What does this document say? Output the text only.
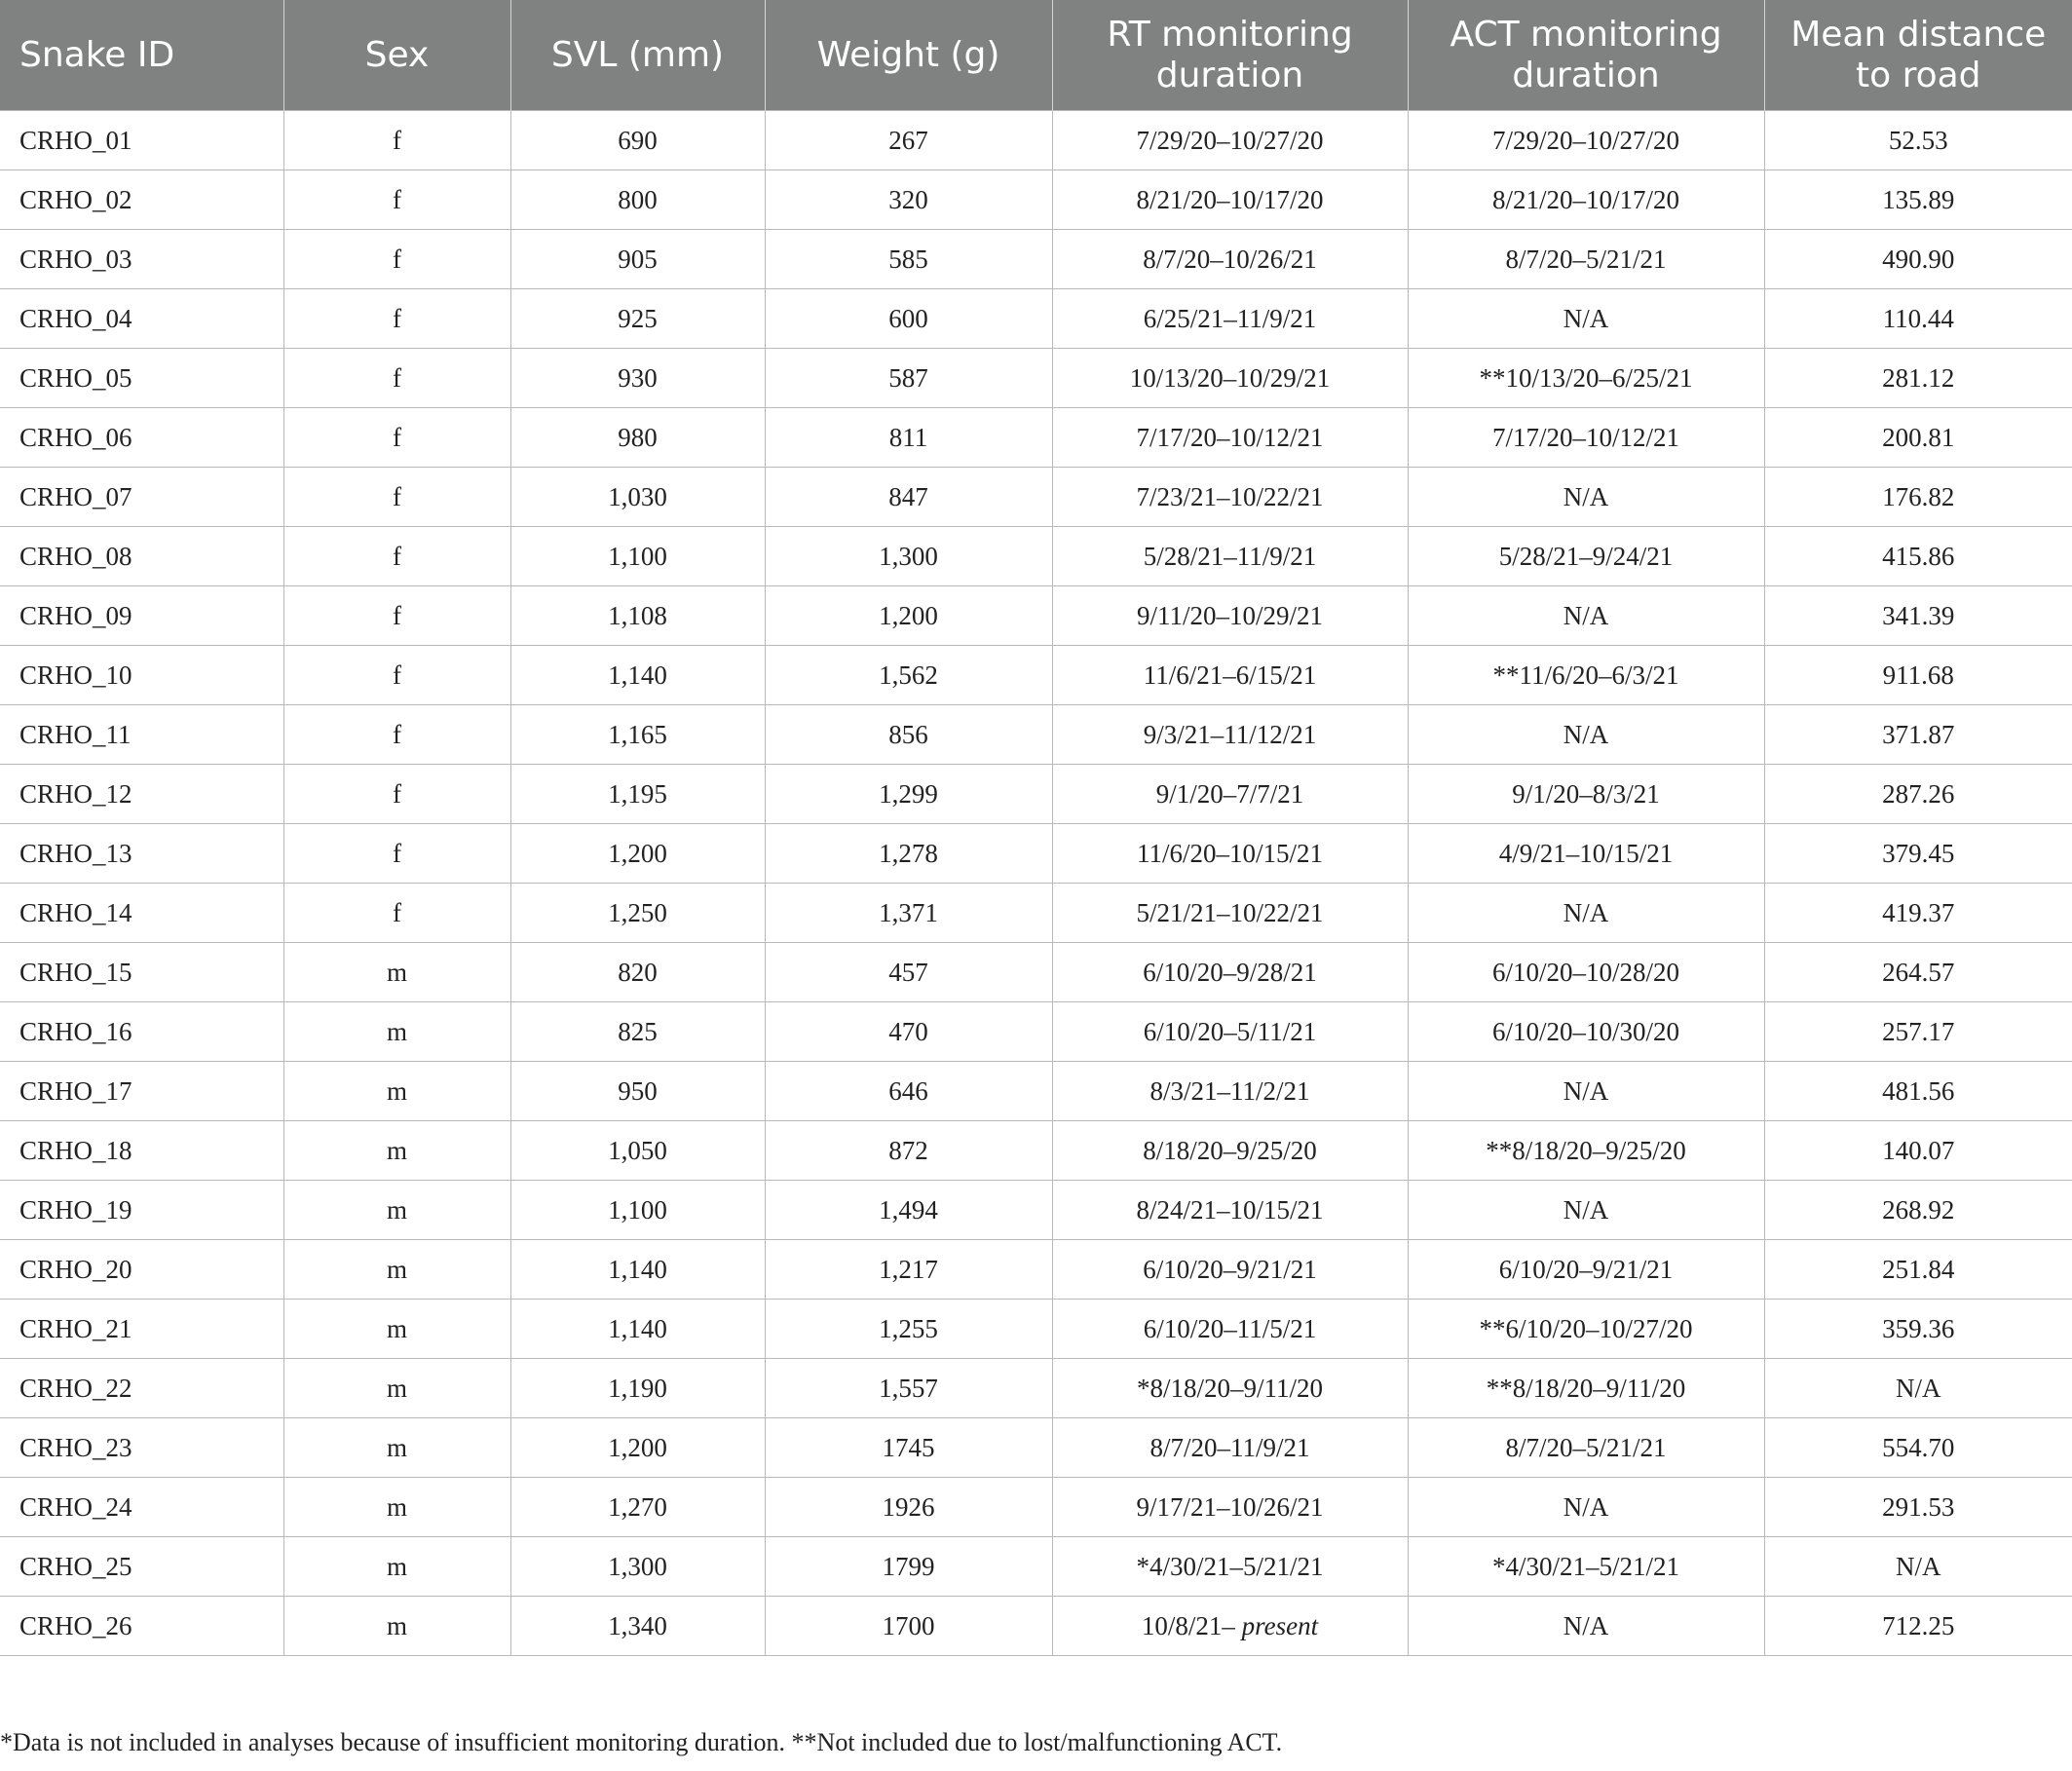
Snake ID	Sex	SVL (mm)	Weight (g)	RT monitoring duration	ACT monitoring duration	Mean distance to road
CRHO_01	f	690	267	7/29/20–10/27/20	7/29/20–10/27/20	52.53
CRHO_02	f	800	320	8/21/20–10/17/20	8/21/20–10/17/20	135.89
CRHO_03	f	905	585	8/7/20–10/26/21	8/7/20–5/21/21	490.90
CRHO_04	f	925	600	6/25/21–11/9/21	N/A	110.44
CRHO_05	f	930	587	10/13/20–10/29/21	**10/13/20–6/25/21	281.12
CRHO_06	f	980	811	7/17/20–10/12/21	7/17/20–10/12/21	200.81
CRHO_07	f	1,030	847	7/23/21–10/22/21	N/A	176.82
CRHO_08	f	1,100	1,300	5/28/21–11/9/21	5/28/21–9/24/21	415.86
CRHO_09	f	1,108	1,200	9/11/20–10/29/21	N/A	341.39
CRHO_10	f	1,140	1,562	11/6/21–6/15/21	**11/6/20–6/3/21	911.68
CRHO_11	f	1,165	856	9/3/21–11/12/21	N/A	371.87
CRHO_12	f	1,195	1,299	9/1/20–7/7/21	9/1/20–8/3/21	287.26
CRHO_13	f	1,200	1,278	11/6/20–10/15/21	4/9/21–10/15/21	379.45
CRHO_14	f	1,250	1,371	5/21/21–10/22/21	N/A	419.37
CRHO_15	m	820	457	6/10/20–9/28/21	6/10/20–10/28/20	264.57
CRHO_16	m	825	470	6/10/20–5/11/21	6/10/20–10/30/20	257.17
CRHO_17	m	950	646	8/3/21–11/2/21	N/A	481.56
CRHO_18	m	1,050	872	8/18/20–9/25/20	**8/18/20–9/25/20	140.07
CRHO_19	m	1,100	1,494	8/24/21–10/15/21	N/A	268.92
CRHO_20	m	1,140	1,217	6/10/20–9/21/21	6/10/20–9/21/21	251.84
CRHO_21	m	1,140	1,255	6/10/20–11/5/21	**6/10/20–10/27/20	359.36
CRHO_22	m	1,190	1,557	*8/18/20–9/11/20	**8/18/20–9/11/20	N/A
CRHO_23	m	1,200	1745	8/7/20–11/9/21	8/7/20–5/21/21	554.70
CRHO_24	m	1,270	1926	9/17/21–10/26/21	N/A	291.53
CRHO_25	m	1,300	1799	*4/30/21–5/21/21	*4/30/21–5/21/21	N/A
CRHO_26	m	1,340	1700	10/8/21– present	N/A	712.25
*Data is not included in analyses because of insufficient monitoring duration. **Not included due to lost/malfunctioning ACT.
